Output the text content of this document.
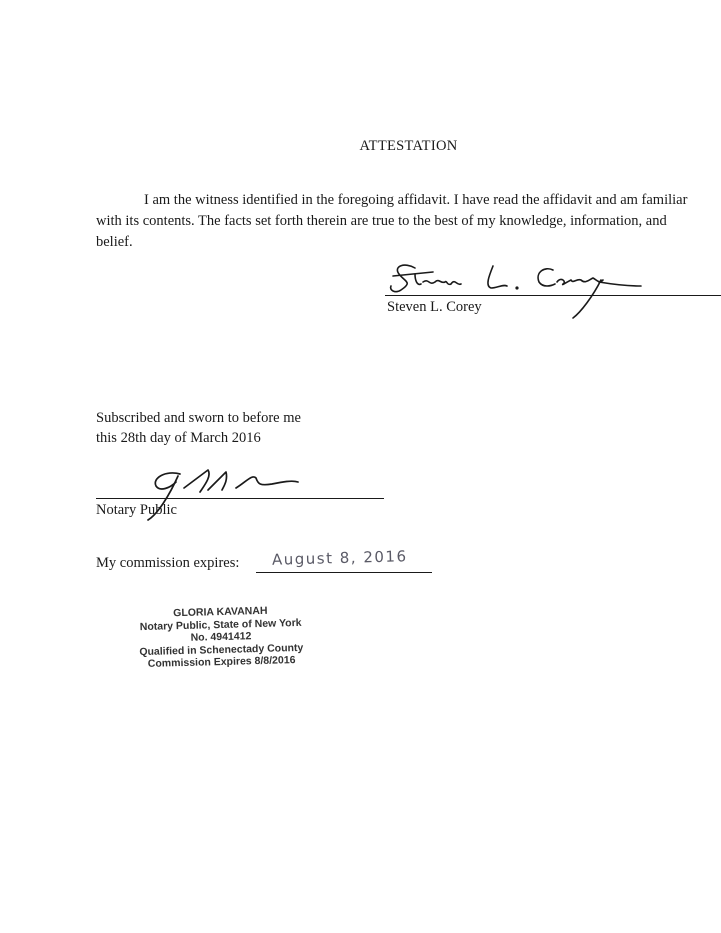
ATTESTATION
I am the witness identified in the foregoing affidavit. I have read the affidavit and am familiar with its contents. The facts set forth therein are true to the best of my knowledge, information, and belief.
Steven L. Corey
Subscribed and sworn to before me
this 28th day of March 2016
Notary Public
My commission expires: August 8, 2016
GLORIA KAVANAH
Notary Public, State of New York
No. 4941412
Qualified in Schenectady County
Commission Expires 8/8/2016
